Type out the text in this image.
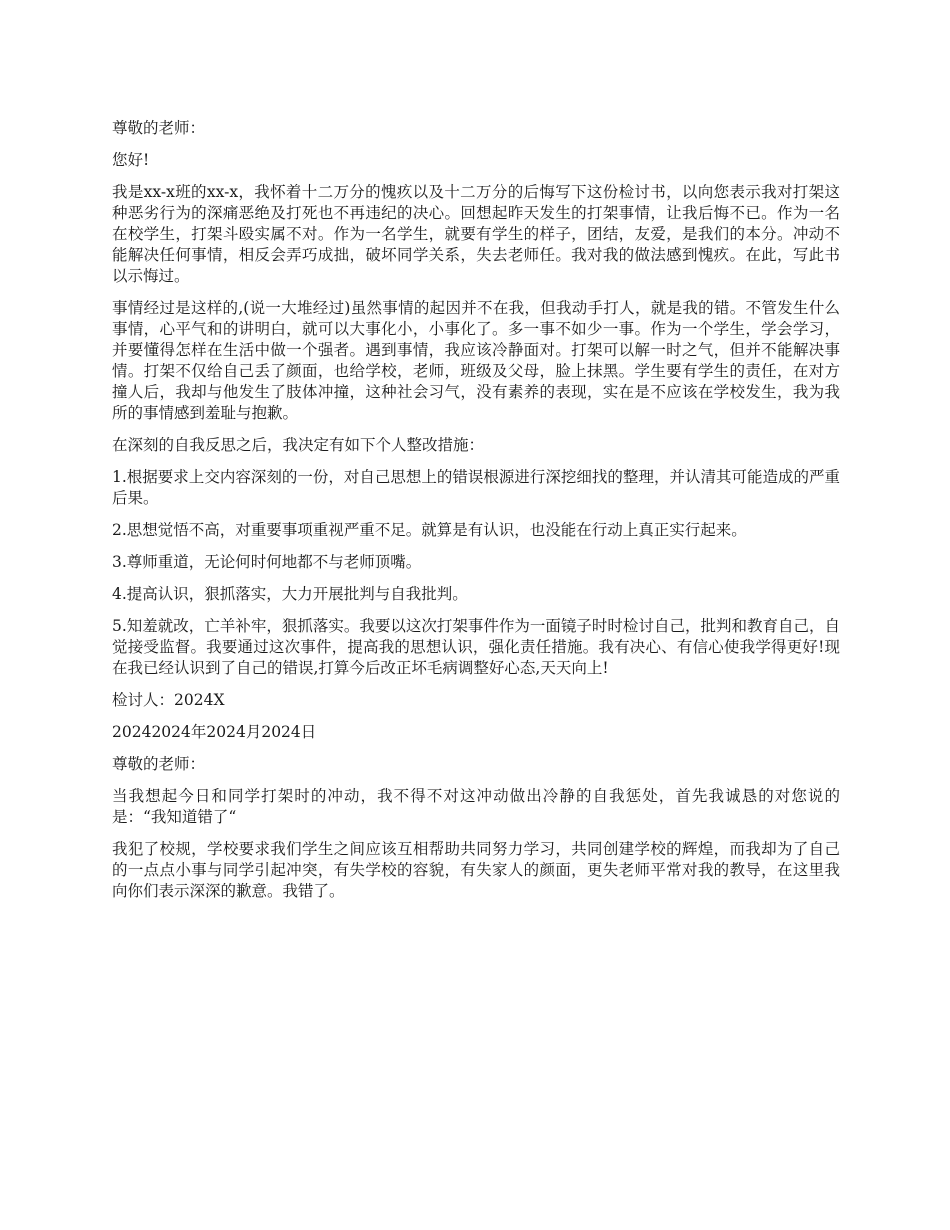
尊敬的老师：

您好!

我是xx-x班的xx-x，我怀着十二万分的愧疚以及十二万分的后悔写下这份检讨书，以向您表示我对打架这种恶劣行为的深痛恶绝及打死也不再违纪的决心。回想起昨天发生的打架事情，让我后悔不已。作为一名在校学生，打架斗殴实属不对。作为一名学生，就要有学生的样子，团结，友爱，是我们的本分。冲动不能解决任何事情，相反会弄巧成拙，破坏同学关系，失去老师任。我对我的做法感到愧疚。在此，写此书以示悔过。

事情经过是这样的,(说一大堆经过)虽然事情的起因并不在我，但我动手打人，就是我的错。不管发生什么事情，心平气和的讲明白，就可以大事化小，小事化了。多一事不如少一事。作为一个学生，学会学习，并要懂得怎样在生活中做一个强者。遇到事情，我应该冷静面对。打架可以解一时之气，但并不能解决事情。打架不仅给自己丢了颜面，也给学校，老师，班级及父母，脸上抹黑。学生要有学生的责任，在对方撞人后，我却与他发生了肢体冲撞，这种社会习气，没有素养的表现，实在是不应该在学校发生，我为我所的事情感到羞耻与抱歉。

在深刻的自我反思之后，我决定有如下个人整改措施：

1.根据要求上交内容深刻的一份，对自己思想上的错误根源进行深挖细找的整理，并认清其可能造成的严重后果。

2.思想觉悟不高，对重要事项重视严重不足。就算是有认识，也没能在行动上真正实行起来。

3.尊师重道，无论何时何地都不与老师顶嘴。

4.提高认识，狠抓落实，大力开展批判与自我批判。

5.知羞就改，亡羊补牢，狠抓落实。我要以这次打架事件作为一面镜子时时检讨自己，批判和教育自己，自觉接受监督。我要通过这次事件，提高我的思想认识，强化责任措施。我有决心、有信心使我学得更好!现在我已经认识到了自己的错误,打算今后改正坏毛病调整好心态,天天向上!

检讨人：2024X

20242024年2024月2024日

尊敬的老师：

当我想起今日和同学打架时的冲动，我不得不对这冲动做出冷静的自我惩处，首先我诚恳的对您说的是：“我知道错了“

我犯了校规，学校要求我们学生之间应该互相帮助共同努力学习，共同创建学校的辉煌，而我却为了自己的一点点小事与同学引起冲突，有失学校的容貌，有失家人的颜面，更失老师平常对我的教导，在这里我向你们表示深深的歉意。我错了。
